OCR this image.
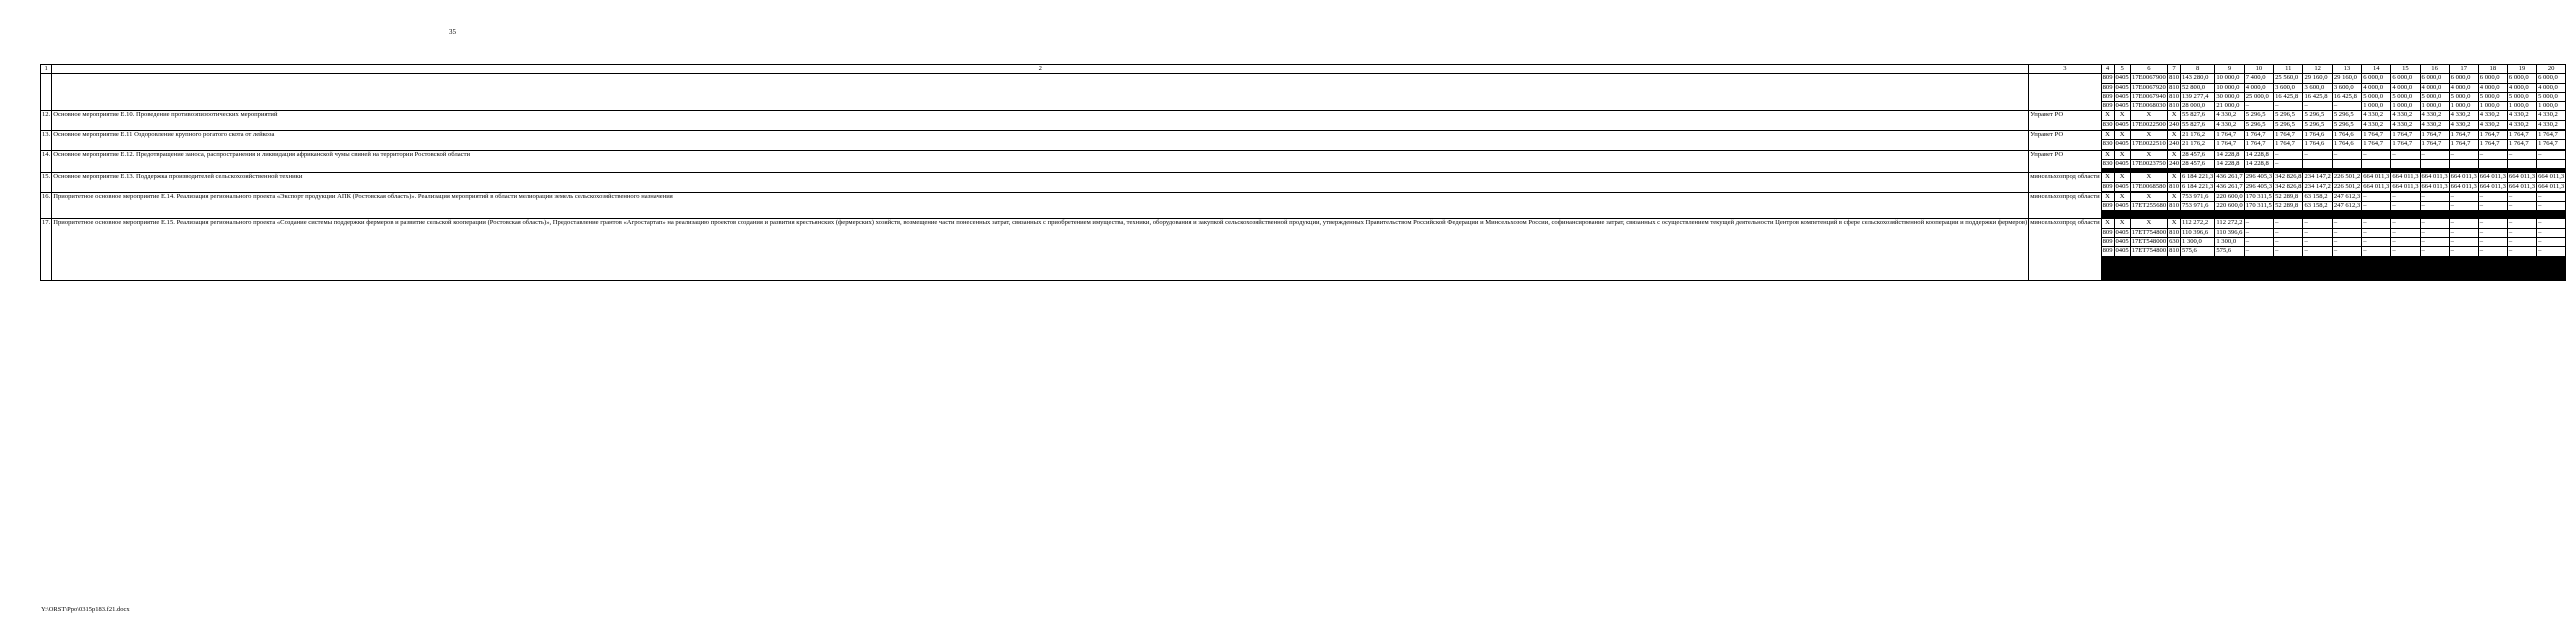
35
1	2	3	4	5	6	7	8	9	10	11	12	13	14	15	16	17	18	19	20
			809	0405	17Е0067900	810	143 280,0	10 000,0	7 400,0	25 560,0	29 160,0	29 160,0	6 000,0	6 000,0	6 000,0	6 000,0	6 000,0	6 000,0	6 000,0
			809	0405	17Е0067920	810	52 800,0	10 000,0	4 000,0	3 600,0	3 600,0	3 600,0	4 000,0	4 000,0	4 000,0	4 000,0	4 000,0	4 000,0	4 000,0
			809	0405	17Е0067940	810	139 277,4	30 000,0	25 000,0	16 425,8	16 425,8	16 425,8	5 000,0	5 000,0	5 000,0	5 000,0	5 000,0	5 000,0	5 000,0
			809	0405	17Е0068030	810	28 000,0	21 000,0	–	–	–	–	1 000,0	1 000,0	1 000,0	1 000,0	1 000,0	1 000,0	1 000,0
12.	Основное мероприятие Е.10. Проведение противоэпизоотических мероприятий	Управет РО	Х	Х	Х	Х	55 827,6	4 330,2	5 296,5	5 296,5	5 296,5	5 296,5	4 330,2	4 330,2	4 330,2	4 330,2	4 330,2	4 330,2	4 330,2
			830	0405	17Е0022500	240	55 827,6	4 330,2	5 296,5	5 296,5	5 296,5	5 296,5	4 330,2	4 330,2	4 330,2	4 330,2	4 330,2	4 330,2	4 330,2

13.	Основное мероприятие Е.11 Оздоровление крупного рогатого скота от лейкоза	Управет РО	Х	Х	Х	Х	21 176,2	1 764,7	1 764,7	1 764,7	1 764,6	1 764,6	1 764,7	1 764,7	1 764,7	1 764,7	1 764,7	1 764,7	1 764,7
			830	0405	17Е0022510	240	21 176,2	1 764,7	1 764,7	1 764,7	1 764,6	1 764,6	1 764,7	1 764,7	1 764,7	1 764,7	1 764,7	1 764,7	1 764,7

14.	Основное мероприятие Е.12. Предотвращение заноса, распространения и ликвидация африканской чумы свиней на территории Ростовской области	Управет РО	Х	Х	Х	Х	28 457,6	14 228,8	14 228,8	–	–	–	–	–	–	–	–	–	–
			830	0405	17Е0023750	240	28 457,6	14 228,8	14 228,8	–									

15.	Основное мероприятие Е.13. Поддержка производителей сельскохозяйственной техники	минсельхозпрод области	Х	Х	Х	Х	6 184 221,3	436 261,7	296 405,3	342 826,8	234 147,2	226 501,2	664 011,3	664 011,3	664 011,3	664 011,3	664 011,3	664 011,3	664 011,3
			809	0405	17Е0068580	810	6 184 221,3	436 261,7	296 405,3	342 826,8	234 147,2	226 501,2	664 011,3	664 011,3	664 011,3	664 011,3	664 011,3	664 011,3	664 011,3

16.	Приоритетное основное мероприятие Е.14. Реализация регионального проекта «Экспорт продукции АПК (Ростовская область)». Реализация мероприятий в области мелиорации земель сельскохозяйственного назначения	минсельхозпрод области	Х	Х	Х	Х	753 971,6	220 600,0	170 311,5	52 289,8	63 158,2	247 612,3	–	–	–	–	–	–	–
			809	0405	17ЕТ255680	810	753 971,6	220 600,0	170 311,5	52 289,8	63 158,2	247 612,3	–	–	–	–	–	–	–

17.	Приоритетное основное мероприятие Е.15. Реализация регионального проекта «Создание системы поддержки фермеров и развитие сельской кооперации (Ростовская область)», Предоставление грантов «Агростартап» на реализацию проектов создания и развития крестьянских (фермерских) хозяйств, возмещение части понесенных затрат, связанных с приобретением имущества, техники, оборудования и закупкой сельскохозяйственной продукции, утвержденных Правительством Российской Федерации и Минсельхозом России, софинансирование затрат, связанных с осуществлением текущей деятельности Центров компетенций в сфере сельскохозяйственной кооперации и поддержки фермеров)	минсельхозпрод области	Х	Х	Х	Х	112 272,2	112 272,2	–	–	–	–	–	–	–	–	–	–	–
			809	0405	17ЕТ754800	810	110 396,6	110 396,6	–	–	–	–	–	–	–	–	–	–	–
			809	0405	17ЕТ548000	630	1 300,0	1 300,0	–	–	–	–	–	–	–	–	–	–	–
			809	0405	17ЕТ754800	810	575,6	575,6	–	–	–	–	–	–	–	–	–	–	–

Y:\ORST\Ppo\0315p183.f21.docx
